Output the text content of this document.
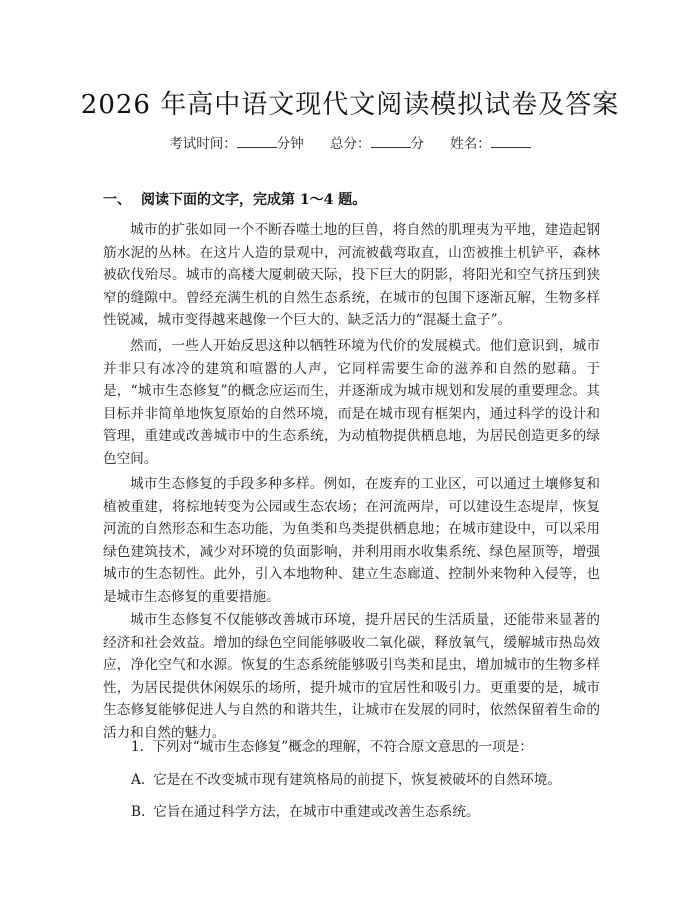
2026 年高中语文现代文阅读模拟试卷及答案
考试时间：	分钟 总分：	分 姓名：
一、 阅读下面的文字，完成第 1～4 题。

城市的扩张如同一个不断吞噬土地的巨兽，将自然的肌理夷为平地，建造起钢筋水泥的丛林。在这片人造的景观中，河流被截弯取直，山峦被推土机铲平，森林被砍伐殆尽。城市的高楼大厦刺破天际，投下巨大的阴影，将阳光和空气挤压到狭窄的缝隙中。曾经充满生机的自然生态系统，在城市的包围下逐渐瓦解，生物多样性锐减，城市变得越来越像一个巨大的、缺乏活力的“混凝土盒子”。

然而，一些人开始反思这种以牺牲环境为代价的发展模式。他们意识到，城市并非只有冰冷的建筑和喧嚣的人声，它同样需要生命的滋养和自然的慰藉。于是，“城市生态修复”的概念应运而生，并逐渐成为城市规划和发展的重要理念。其目标并非简单地恢复原始的自然环境，而是在城市现有框架内，通过科学的设计和管理，重建或改善城市中的生态系统，为动植物提供栖息地，为居民创造更多的绿色空间。

城市生态修复的手段多种多样。例如，在废弃的工业区，可以通过土壤修复和植被重建，将棕地转变为公园或生态农场；在河流两岸，可以建设生态堤岸，恢复河流的自然形态和生态功能，为鱼类和鸟类提供栖息地；在城市建设中，可以采用绿色建筑技术，减少对环境的负面影响，并利用雨水收集系统、绿色屋顶等，增强城市的生态韧性。此外，引入本地物种、建立生态廊道、控制外来物种入侵等，也是城市生态修复的重要措施。

城市生态修复不仅能够改善城市环境，提升居民的生活质量，还能带来显著的经济和社会效益。增加的绿色空间能够吸收二氧化碳，释放氧气，缓解城市热岛效应，净化空气和水源。恢复的生态系统能够吸引鸟类和昆虫，增加城市的生物多样性，为居民提供休闲娱乐的场所，提升城市的宜居性和吸引力。更重要的是，城市生态修复能够促进人与自然的和谐共生，让城市在发展的同时，依然保留着生命的活力和自然的魅力。

1. 下列对“城市生态修复”概念的理解，不符合原文意思的一项是：
A. 它是在不改变城市现有建筑格局的前提下，恢复被破坏的自然环境。
B. 它旨在通过科学方法，在城市中重建或改善生态系统。
